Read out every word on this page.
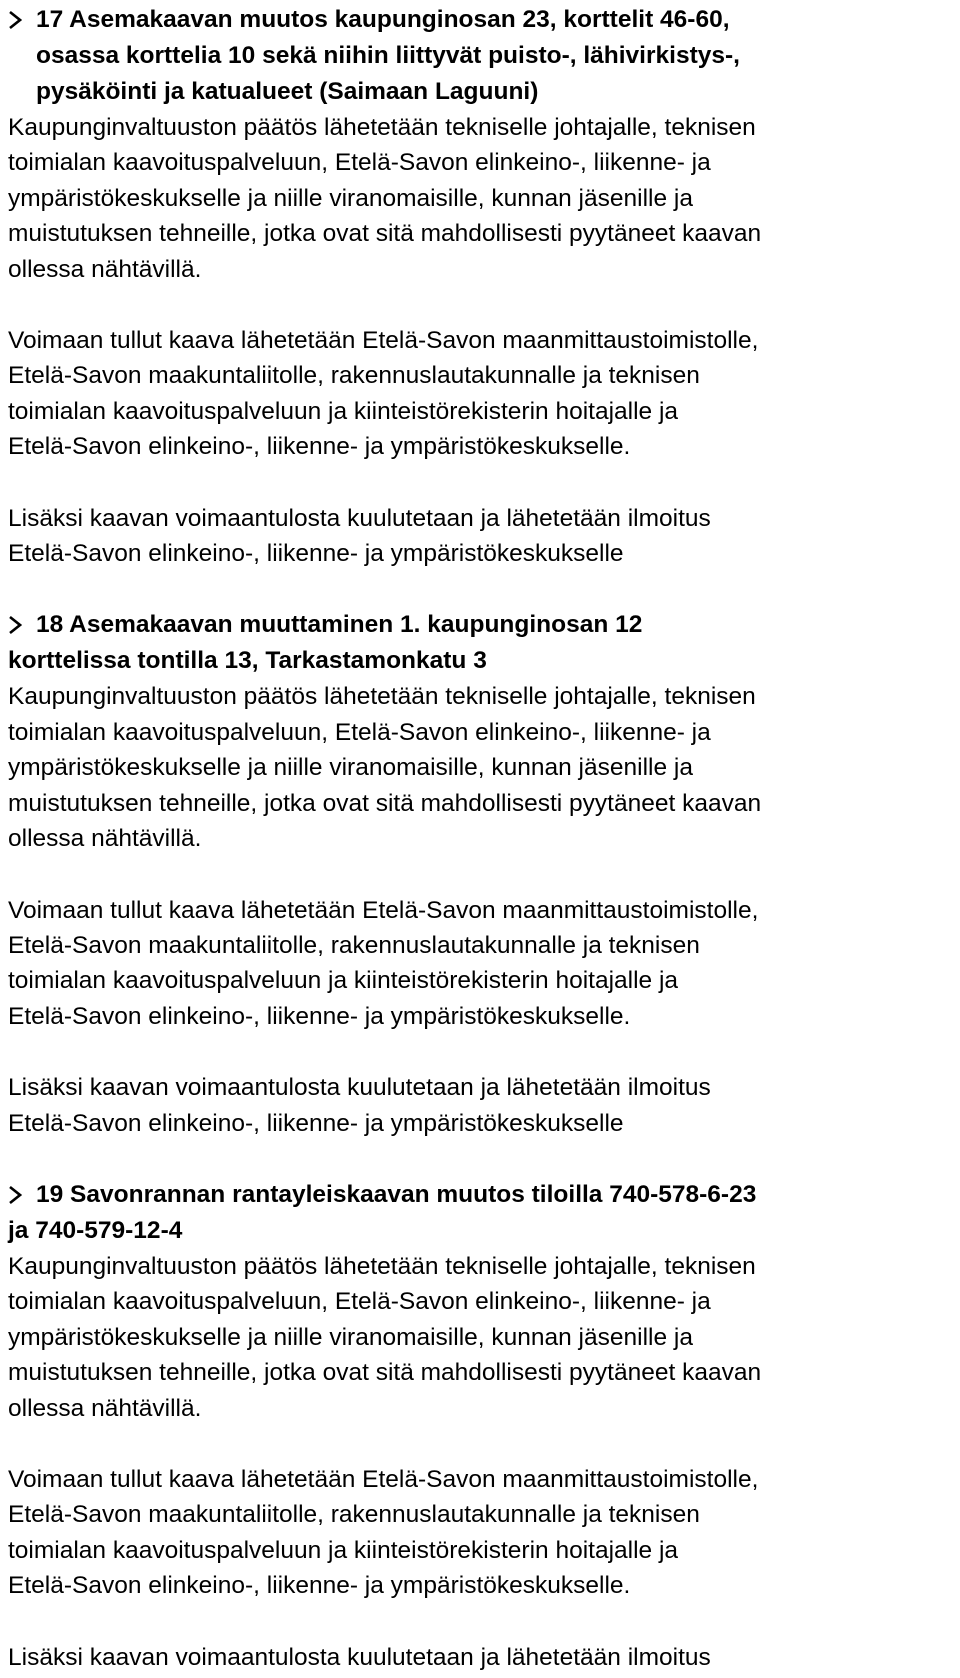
17 Asemakaavan muutos kaupunginosan 23, korttelit 46-60,
osassa korttelia 10 sekä niihin liittyvät puisto-, lähivirkistys-,
pysäköinti ja katualueet (Saimaan Laguuni)
Kaupunginvaltuuston päätös lähetetään tekniselle johtajalle, teknisen
toimialan kaavoituspalveluun, Etelä-Savon elinkeino-, liikenne- ja
ympäristökeskukselle ja niille viranomaisille, kunnan jäsenille ja
muistutuksen tehneille, jotka ovat sitä mahdollisesti pyytäneet kaavan
ollessa nähtävillä.
Voimaan tullut kaava lähetetään Etelä-Savon maanmittaustoimistolle,
Etelä-Savon maakuntaliitolle, rakennuslautakunnalle ja teknisen
toimialan kaavoituspalveluun ja kiinteistörekisterin hoitajalle ja
Etelä-Savon elinkeino-, liikenne- ja ympäristökeskukselle.
Lisäksi kaavan voimaantulosta kuulutetaan ja lähetetään ilmoitus
Etelä-Savon elinkeino-, liikenne- ja ympäristökeskukselle
18 Asemakaavan muuttaminen 1. kaupunginosan 12
korttelissa tontilla 13, Tarkastamonkatu 3
Kaupunginvaltuuston päätös lähetetään tekniselle johtajalle, teknisen
toimialan kaavoituspalveluun, Etelä-Savon elinkeino-, liikenne- ja
ympäristökeskukselle ja niille viranomaisille, kunnan jäsenille ja
muistutuksen tehneille, jotka ovat sitä mahdollisesti pyytäneet kaavan
ollessa nähtävillä.
Voimaan tullut kaava lähetetään Etelä-Savon maanmittaustoimistolle,
Etelä-Savon maakuntaliitolle, rakennuslautakunnalle ja teknisen
toimialan kaavoituspalveluun ja kiinteistörekisterin hoitajalle ja
Etelä-Savon elinkeino-, liikenne- ja ympäristökeskukselle.
Lisäksi kaavan voimaantulosta kuulutetaan ja lähetetään ilmoitus
Etelä-Savon elinkeino-, liikenne- ja ympäristökeskukselle
19 Savonrannan rantayleiskaavan muutos tiloilla 740-578-6-23
ja 740-579-12-4
Kaupunginvaltuuston päätös lähetetään tekniselle johtajalle, teknisen
toimialan kaavoituspalveluun, Etelä-Savon elinkeino-, liikenne- ja
ympäristökeskukselle ja niille viranomaisille, kunnan jäsenille ja
muistutuksen tehneille, jotka ovat sitä mahdollisesti pyytäneet kaavan
ollessa nähtävillä.
Voimaan tullut kaava lähetetään Etelä-Savon maanmittaustoimistolle,
Etelä-Savon maakuntaliitolle, rakennuslautakunnalle ja teknisen
toimialan kaavoituspalveluun ja kiinteistörekisterin hoitajalle ja
Etelä-Savon elinkeino-, liikenne- ja ympäristökeskukselle.
Lisäksi kaavan voimaantulosta kuulutetaan ja lähetetään ilmoitus
